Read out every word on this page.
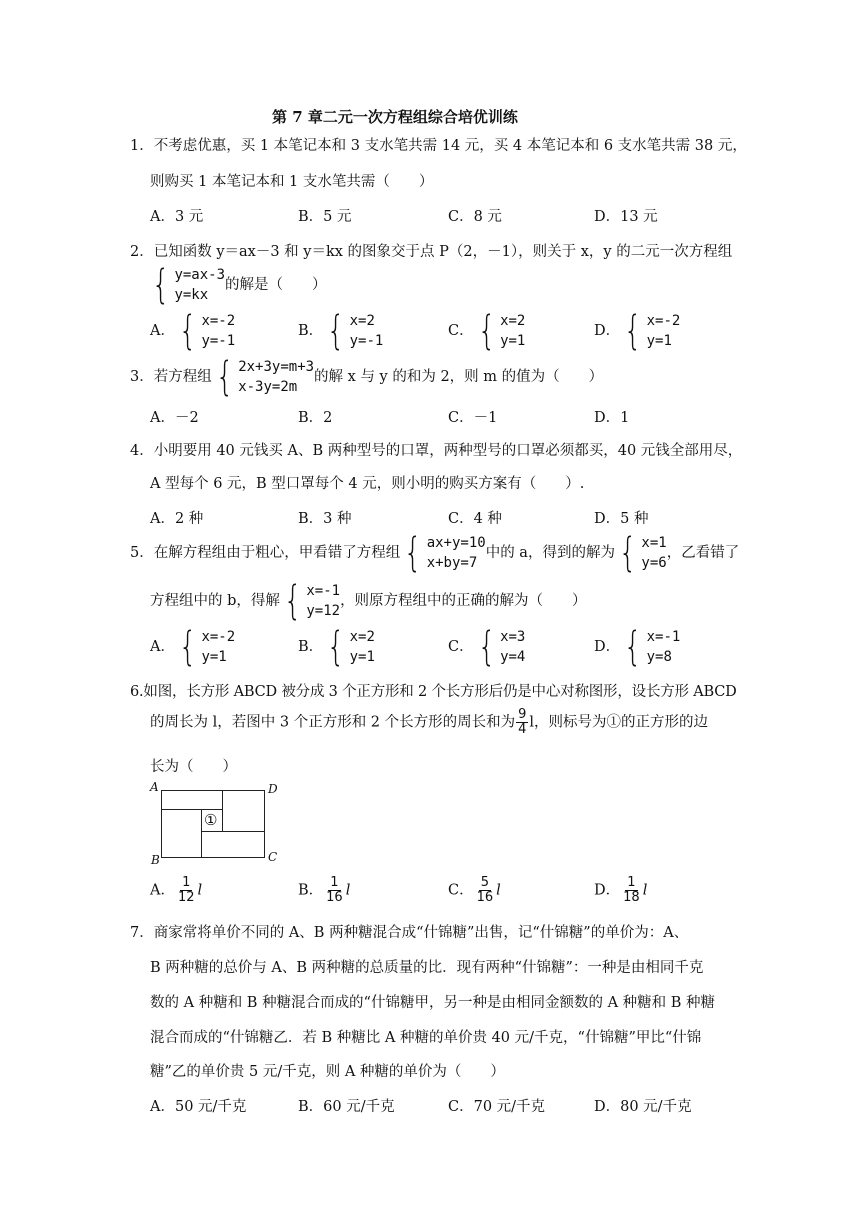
第 7 章二元一次方程组综合培优训练
1．不考虑优惠，买 1 本笔记本和 3 支水笔共需 14 元，买 4 本笔记本和 6 支水笔共需 38 元，
则购买 1 本笔记本和 1 支水笔共需（　　）
A．3 元	B．5 元	C．8 元	D．13 元
2．已知函数 y＝ax－3 和 y＝kx 的图象交于点 P（2，－1），则关于 x，y 的二元一次方程组
{ y=ax-3
y=kx
的解是（　　）
A． { x=-2
y=-1
B． { x=2
y=-1
C． { x=2
y=1
D． { x=-2
y=1
3．若方程组 { 2x+3y=m+3
x-3y=2m
的解 x 与 y 的和为 2，则 m 的值为（　　）
A．－2	B．2	C．－1	D．1
4．小明要用 40 元钱买 A、B 两种型号的口罩，两种型号的口罩必须都买，40 元钱全部用尽，
A 型每个 6 元，B 型口罩每个 4 元，则小明的购买方案有（　　）.
A．2 种	B．3 种	C．4 种	D．5 种
5．在解方程组由于粗心，甲看错了方程组 { ax+y=10
x+by=7
中的 a，得到的解为 { x=1
y=6
，乙看错了
方程组中的 b，得解 { x=-1
y=12
，则原方程组中的正确的解为（　　）
A． { x=-2
y=1
B． { x=2
y=1
C． { x=3
y=4
D． { x=-1
y=8
6.如图，长方形 ABCD 被分成 3 个正方形和 2 个长方形后仍是中心对称图形，设长方形 ABCD
的周长为 l，若图中 3 个正方形和 2 个长方形的周长和为 $\frac{9}{4}$ l，则标号为①的正方形的边
长为（　　）
①
A	D
B	C
A． $\frac{1}{12}$ l	B． $\frac{1}{16}$ l	C． $\frac{5}{16}$ l	D． $\frac{1}{18}$ l
7．商家常将单价不同的 A、B 两种糖混合成“什锦糖”出售，记“什锦糖”的单价为：A、
B 两种糖的总价与 A、B 两种糖的总质量的比．现有两种“什锦糖”：一种是由相同千克
数的 A 种糖和 B 种糖混合而成的“什锦糖甲，另一种是由相同金额数的 A 种糖和 B 种糖
混合而成的“什锦糖乙．若 B 种糖比 A 种糖的单价贵 40 元/千克，“什锦糖”甲比“什锦
糖”乙的单价贵 5 元/千克，则 A 种糖的单价为（　　）
A．50 元/千克	B．60 元/千克	C．70 元/千克	D．80 元/千克
